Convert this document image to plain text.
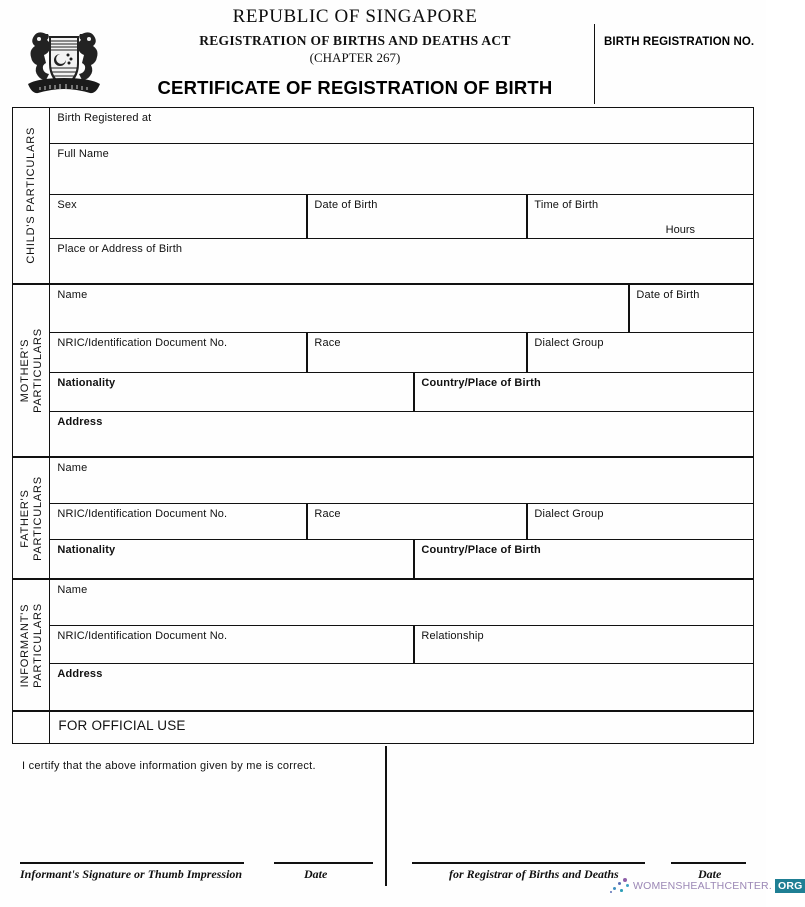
REPUBLIC OF SINGAPORE
REGISTRATION OF BIRTHS AND DEATHS ACT
(CHAPTER 267)
CERTIFICATE OF REGISTRATION OF BIRTH
BIRTH REGISTRATION NO.
CHILD'S PARTICULARS
Birth Registered at
Full Name
Sex	Date of Birth	Time of Birth
Hours
Place or Address of Birth
MOTHER'S
PARTICULARS
Name	Date of Birth
NRIC/Identification Document No.	Race	Dialect Group
Nationality	Country/Place of Birth
Address
FATHER'S
PARTICULARS
Name
NRIC/Identification Document No.	Race	Dialect Group
Nationality	Country/Place of Birth
INFORMANT'S
PARTICULARS
Name
NRIC/Identification Document No.	Relationship
Address
FOR OFFICIAL USE
I certify that the above information given by me is correct.
Informant's Signature or Thumb Impression	Date	for Registrar of Births and Deaths	Date
WOMENSHEALTHCENTER. ORG
